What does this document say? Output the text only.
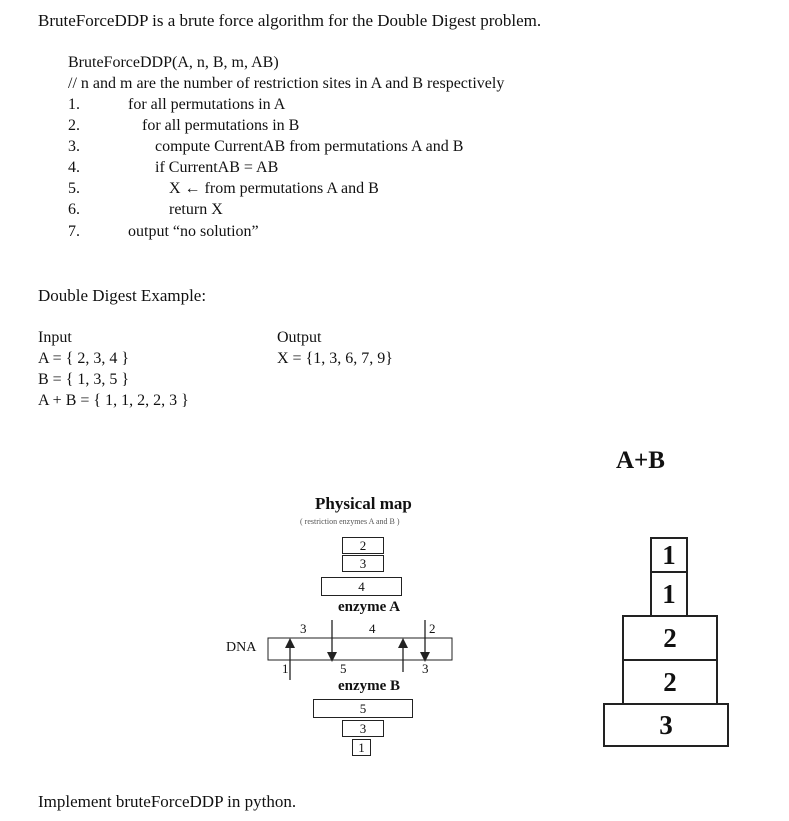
BruteForceDDP is a brute force algorithm for the Double Digest problem.
BruteForceDDP(A, n, B, m, AB)
// n and m are the number of restriction sites in A and B respectively
1.	for all permutations in A
2.	for all permutations in B
3.	compute CurrentAB from permutations A and B
4.	if CurrentAB = AB
5.	X ← from permutations A and B
6.	return X
7.	output “no solution”
Double Digest Example:
Input
A = { 2, 3, 4 }
B = { 1, 3, 5 }
A + B = { 1, 1, 2, 2, 3 }
Output
X = {1, 3, 6, 7, 9}
Physical map
( restriction enzymes A and B )
2
3
4
enzyme A
3	4	2
DNA
1	5	3
enzyme B
5
3
1
A+B
1
1
2
2
3
Implement bruteForceDDP in python.
